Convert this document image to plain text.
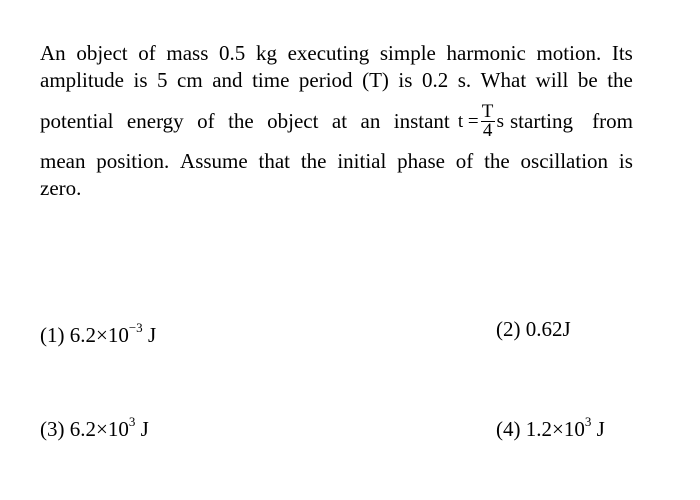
An object of mass 0.5 kg executing simple harmonic motion. Its
amplitude is 5 cm and time period (T) is 0.2 s. What will be the
potential energy of the object at an instant $t = \frac{T}{4}$ s starting from
mean position. Assume that the initial phase of the oscillation is
zero.
(1) $6.2\times 10^{-3}$ J	(2) 0.62J
(3) $6.2\times 10^3$ J	(4) $1.2\times 10^3$ J
